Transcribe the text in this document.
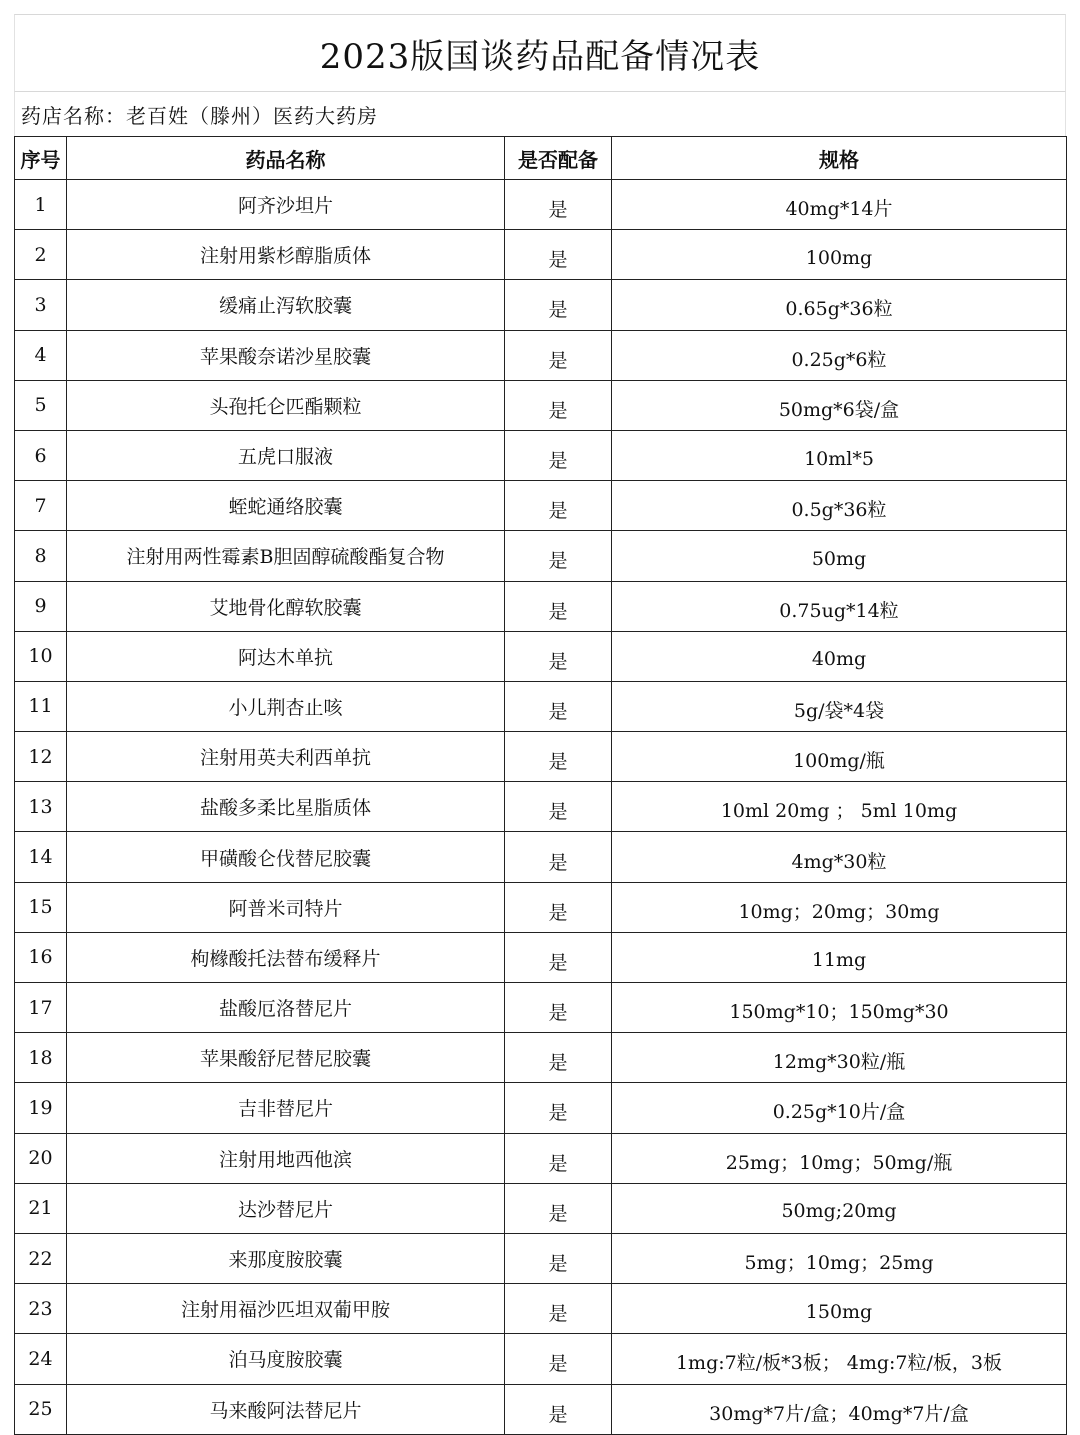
2023版国谈药品配备情况表
药店名称：老百姓（滕州）医药大药房
序号	药品名称	是否配备	规格
1	阿齐沙坦片	是	40mg*14片
2	注射用紫杉醇脂质体	是	100mg
3	缓痛止泻软胶囊	是	0.65g*36粒
4	苹果酸奈诺沙星胶囊	是	0.25g*6粒
5	头孢托仑匹酯颗粒	是	50mg*6袋/盒
6	五虎口服液	是	10ml*5
7	蛭蛇通络胶囊	是	0.5g*36粒
8	注射用两性霉素B胆固醇硫酸酯复合物	是	50mg
9	艾地骨化醇软胶囊	是	0.75ug*14粒
10	阿达木单抗	是	40mg
11	小儿荆杏止咳	是	5g/袋*4袋
12	注射用英夫利西单抗	是	100mg/瓶
13	盐酸多柔比星脂质体	是	10ml 20mg ； 5ml 10mg
14	甲磺酸仑伐替尼胶囊	是	4mg*30粒
15	阿普米司特片	是	10mg；20mg；30mg
16	枸橼酸托法替布缓释片	是	11mg
17	盐酸厄洛替尼片	是	150mg*10；150mg*30
18	苹果酸舒尼替尼胶囊	是	12mg*30粒/瓶
19	吉非替尼片	是	0.25g*10片/盒
20	注射用地西他滨	是	25mg；10mg；50mg/瓶
21	达沙替尼片	是	50mg;20mg
22	来那度胺胶囊	是	5mg；10mg；25mg
23	注射用福沙匹坦双葡甲胺	是	150mg
24	泊马度胺胶囊	是	1mg:7粒/板*3板； 4mg:7粒/板，3板
25	马来酸阿法替尼片	是	30mg*7片/盒；40mg*7片/盒
